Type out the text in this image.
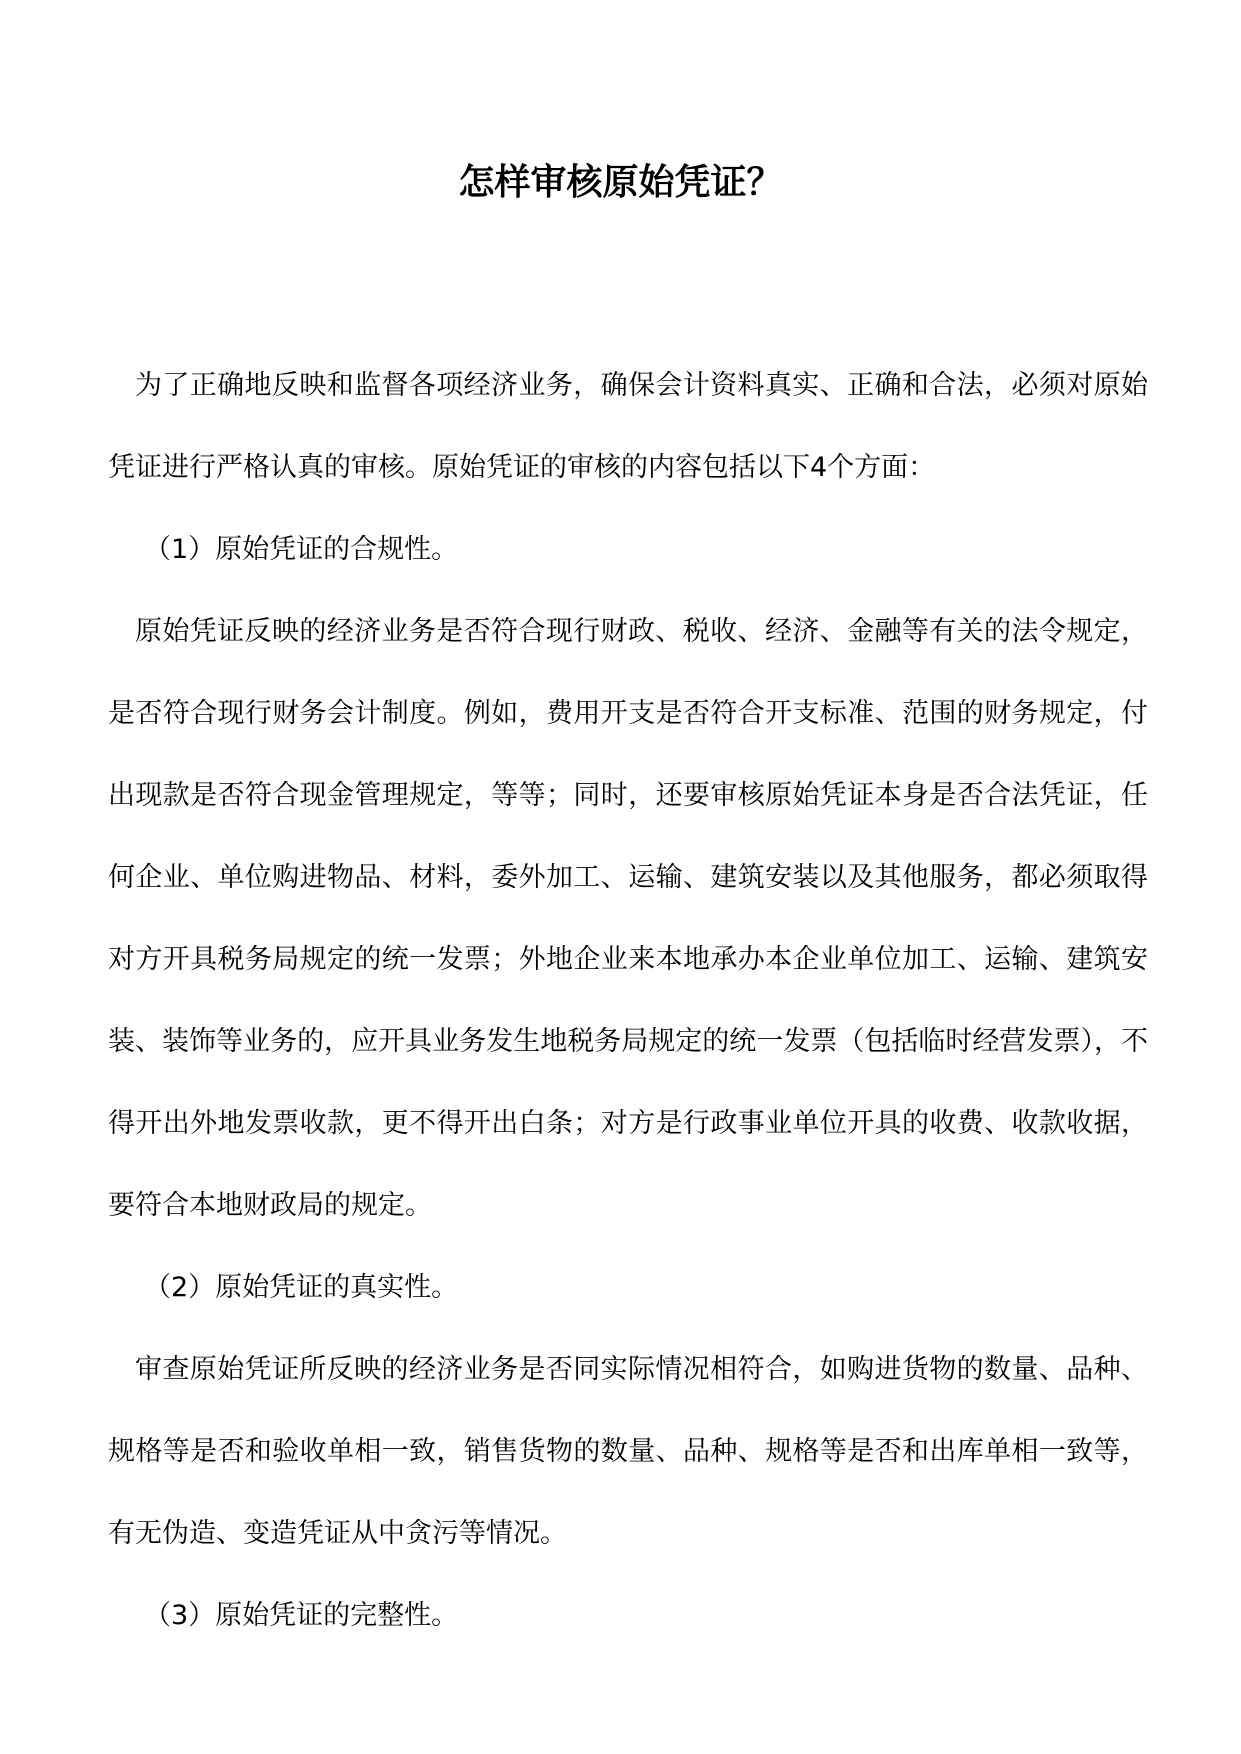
怎样审核原始凭证？

为了正确地反映和监督各项经济业务，确保会计资料真实、正确和合法，必须对原始凭证进行严格认真的审核。原始凭证的审核的内容包括以下4个方面：

（1）原始凭证的合规性。

原始凭证反映的经济业务是否符合现行财政、税收、经济、金融等有关的法令规定，是否符合现行财务会计制度。例如，费用开支是否符合开支标准、范围的财务规定，付出现款是否符合现金管理规定，等等；同时，还要审核原始凭证本身是否合法凭证，任何企业、单位购进物品、材料，委外加工、运输、建筑安装以及其他服务，都必须取得对方开具税务局规定的统一发票；外地企业来本地承办本企业单位加工、运输、建筑安装、装饰等业务的，应开具业务发生地税务局规定的统一发票（包括临时经营发票），不得开出外地发票收款，更不得开出白条；对方是行政事业单位开具的收费、收款收据，要符合本地财政局的规定。

（2）原始凭证的真实性。

审查原始凭证所反映的经济业务是否同实际情况相符合，如购进货物的数量、品种、规格等是否和验收单相一致，销售货物的数量、品种、规格等是否和出库单相一致等，有无伪造、变造凭证从中贪污等情况。

（3）原始凭证的完整性。
